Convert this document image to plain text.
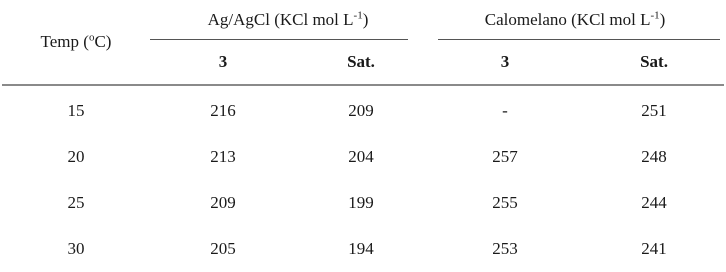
Temp ($^o$C)	Ag/AgCl (KCl mol $L^{-1}$)		Calomelano (KCl mol $L^{-1}$)	
	3	Sat.	3	Sat.
15	216	209	-	251
20	213	204	257	248
25	209	199	255	244
30	205	194	253	241
